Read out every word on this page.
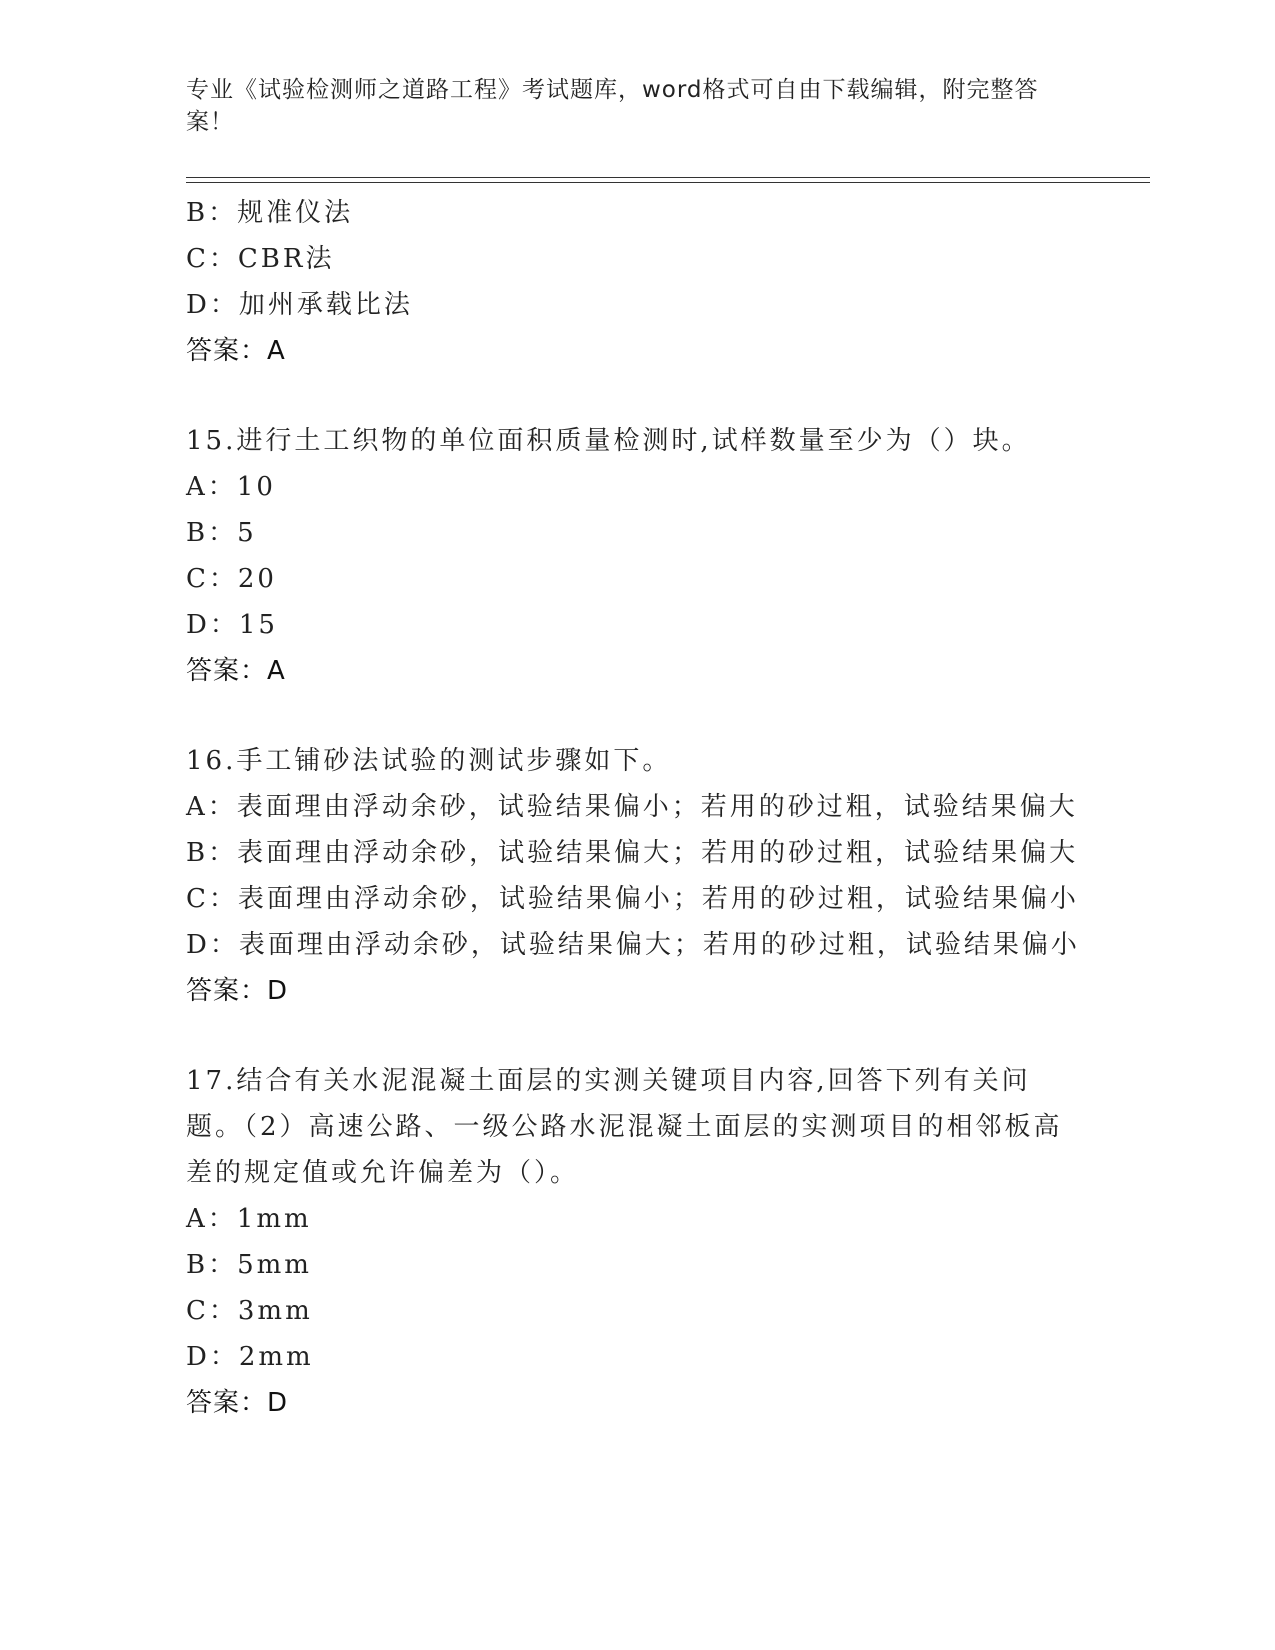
专业《试验检测师之道路工程》考试题库，word格式可自由下载编辑，附完整答案！
B：规准仪法
C：CBR法
D：加州承载比法
答案：A
15.进行土工织物的单位面积质量检测时,试样数量至少为（）块。
A：10
B：5
C：20
D：15
答案：A
16.手工铺砂法试验的测试步骤如下。
A：表面理由浮动余砂，试验结果偏小；若用的砂过粗，试验结果偏大
B：表面理由浮动余砂，试验结果偏大；若用的砂过粗，试验结果偏大
C：表面理由浮动余砂，试验结果偏小；若用的砂过粗，试验结果偏小
D：表面理由浮动余砂，试验结果偏大；若用的砂过粗，试验结果偏小
答案：D
17.结合有关水泥混凝土面层的实测关键项目内容,回答下列有关问题。（2）高速公路、一级公路水泥混凝土面层的实测项目的相邻板高差的规定值或允许偏差为（）。
A：1mm
B：5mm
C：3mm
D：2mm
答案：D
